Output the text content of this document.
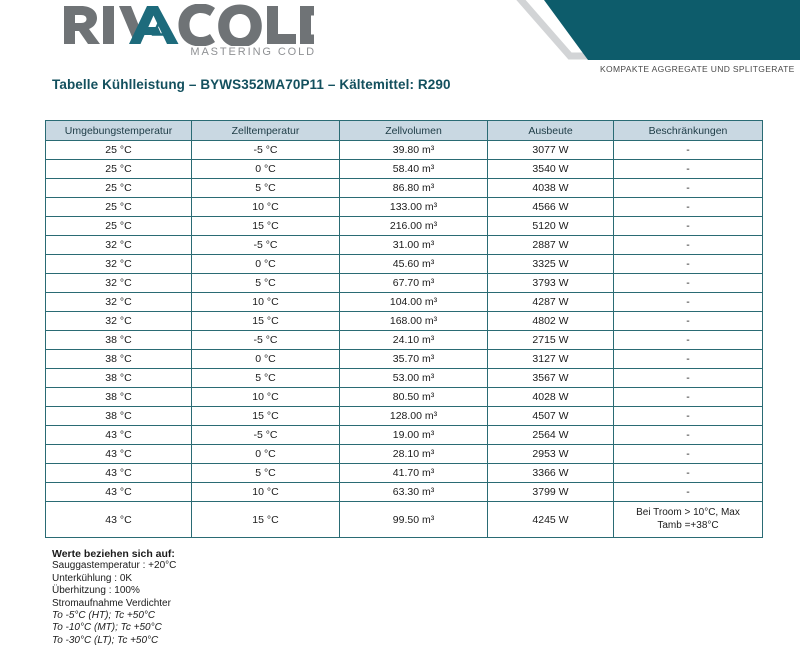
MASTERING COLD
KOMPAKTE AGGREGATE UND SPLITGERATE
Tabelle Kühlleistung – BYWS352MA70P11 – Kältemittel: R290
Umgebungstemperatur	Zelltemperatur	Zellvolumen	Ausbeute	Beschränkungen
25 °C	-5 °C	39.80 m³	3077 W	-
25 °C	0 °C	58.40 m³	3540 W	-
25 °C	5 °C	86.80 m³	4038 W	-
25 °C	10 °C	133.00 m³	4566 W	-
25 °C	15 °C	216.00 m³	5120 W	-
32 °C	-5 °C	31.00 m³	2887 W	-
32 °C	0 °C	45.60 m³	3325 W	-
32 °C	5 °C	67.70 m³	3793 W	-
32 °C	10 °C	104.00 m³	4287 W	-
32 °C	15 °C	168.00 m³	4802 W	-
38 °C	-5 °C	24.10 m³	2715 W	-
38 °C	0 °C	35.70 m³	3127 W	-
38 °C	5 °C	53.00 m³	3567 W	-
38 °C	10 °C	80.50 m³	4028 W	-
38 °C	15 °C	128.00 m³	4507 W	-
43 °C	-5 °C	19.00 m³	2564 W	-
43 °C	0 °C	28.10 m³	2953 W	-
43 °C	5 °C	41.70 m³	3366 W	-
43 °C	10 °C	63.30 m³	3799 W	-
43 °C	15 °C	99.50 m³	4245 W	Bei Troom > 10°C, Max
Tamb =+38°C
Werte beziehen sich auf:
Sauggastemperatur : +20°C
Unterkühlung : 0K
Überhitzung : 100%
Stromaufnahme Verdichter
To -5°C (HT); Tc +50°C
To -10°C (MT); Tc +50°C
To -30°C (LT); Tc +50°C
